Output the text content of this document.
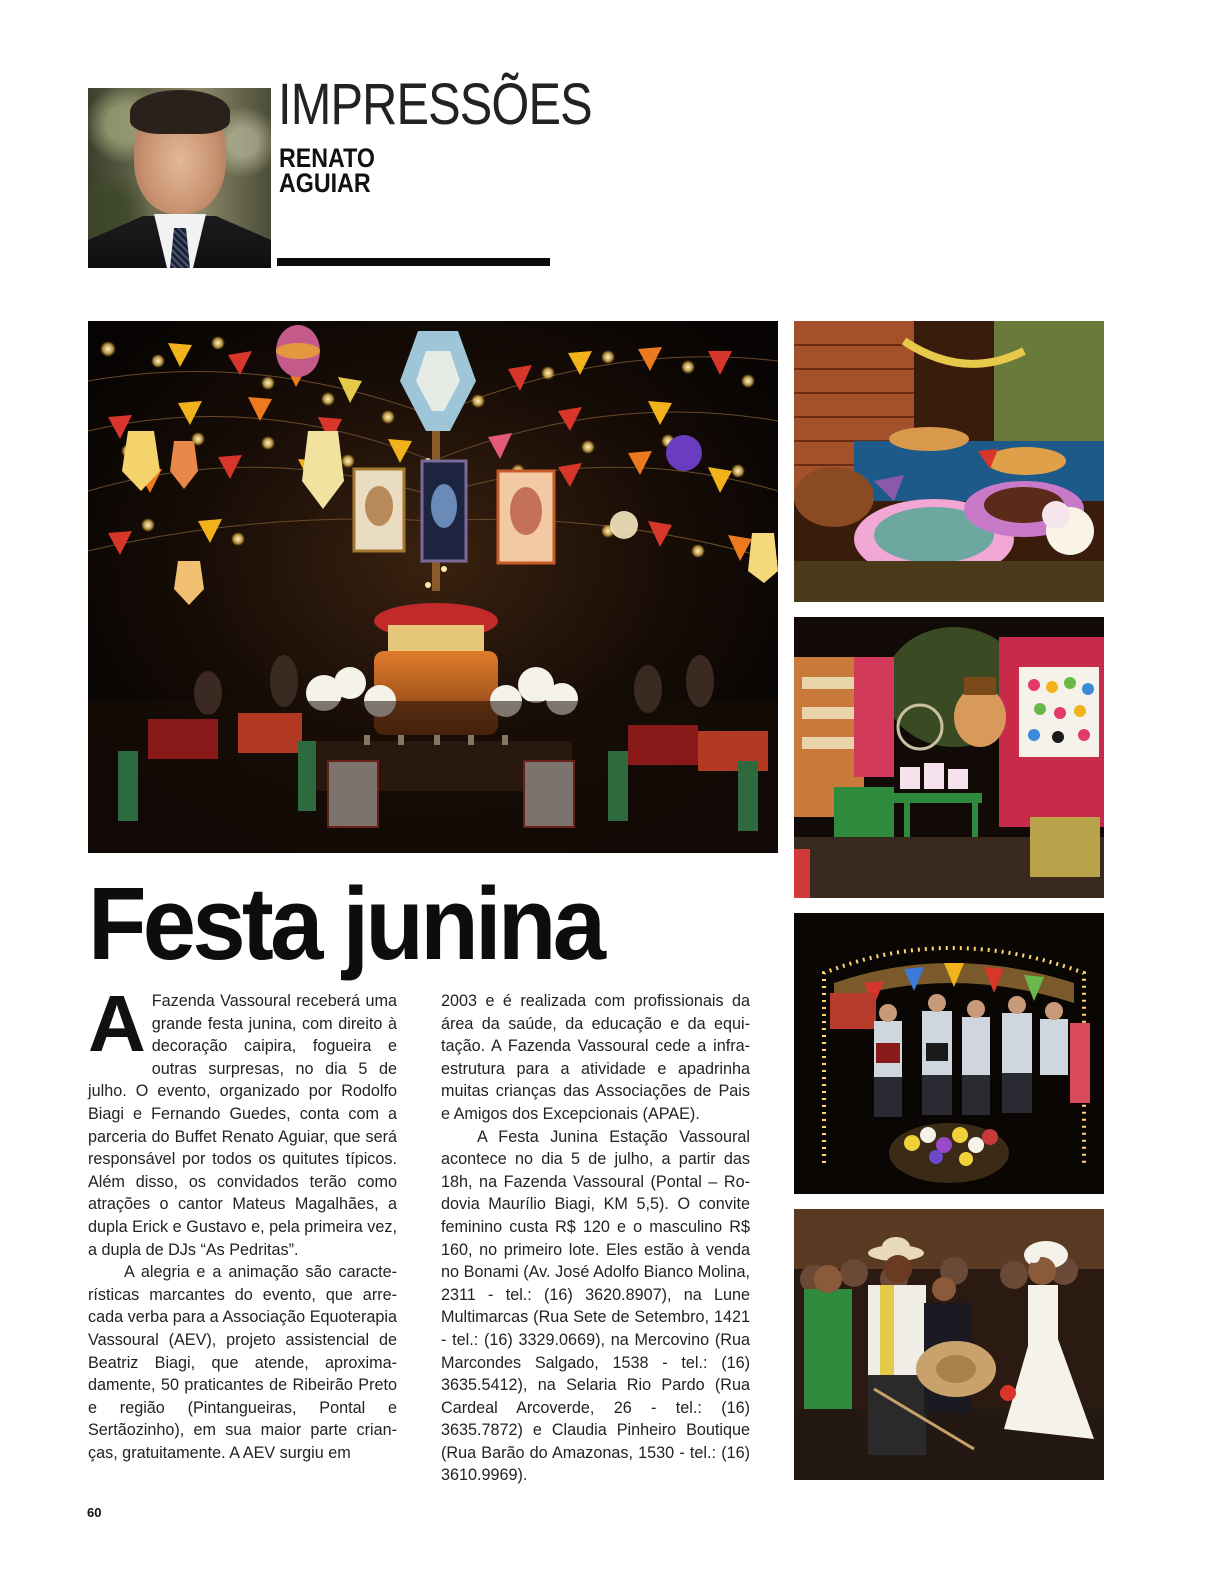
IMPRESSÕES
RENATO
AGUIAR
Festa junina

A Fazenda Vassoural receberá uma grande festa junina, com direito à decoração caipira, fogueira e outras surpresas, no dia 5 de julho. O evento, organizado por Rodolfo Biagi e Fernando Guedes, conta com a parceria do Buffet Renato Aguiar, que será responsável por todos os quitutes típicos. Além disso, os convidados terão como atrações o cantor Mateus Magalhães, a dupla Erick e Gustavo e, pela primeira vez, a dupla de DJs “As Pedritas”.

A alegria e a animação são características marcantes do evento, que arrecada verba para a Associação Equoterapia Vassoural (AEV), projeto assistencial de Beatriz Biagi, que atende, aproximadamente, 50 praticantes de Ribeirão Preto e região (Pintangueiras, Pontal e Sertãozinho), em sua maior parte crianças, gratuitamente. A AEV surgiu em

2003 e é realizada com profissionais da área da saúde, da educação e da equitação. A Fazenda Vassoural cede a infraestrutura para a atividade e apadrinha muitas crianças das Associações de Pais e Amigos dos Excepcionais (APAE).

A Festa Junina Estação Vassoural acontece no dia 5 de julho, a partir das 18h, na Fazenda Vassoural (Pontal – Rodovia Maurílio Biagi, KM 5,5). O convite feminino custa R$ 120 e o masculino R$ 160, no primeiro lote. Eles estão à venda no Bonami (Av. José Adolfo Bianco Molina, 2311 - tel.: (16) 3620.8907), na Lune Multimarcas (Rua Sete de Setembro, 1421 - tel.: (16) 3329.0669), na Mercovino (Rua Marcondes Salgado, 1538 - tel.: (16) 3635.5412), na Selaria Rio Pardo (Rua Cardeal Arcoverde, 26 - tel.: (16) 3635.7872) e Claudia Pinheiro Boutique (Rua Barão do Amazonas, 1530 - tel.: (16) 3610.9969).

60
